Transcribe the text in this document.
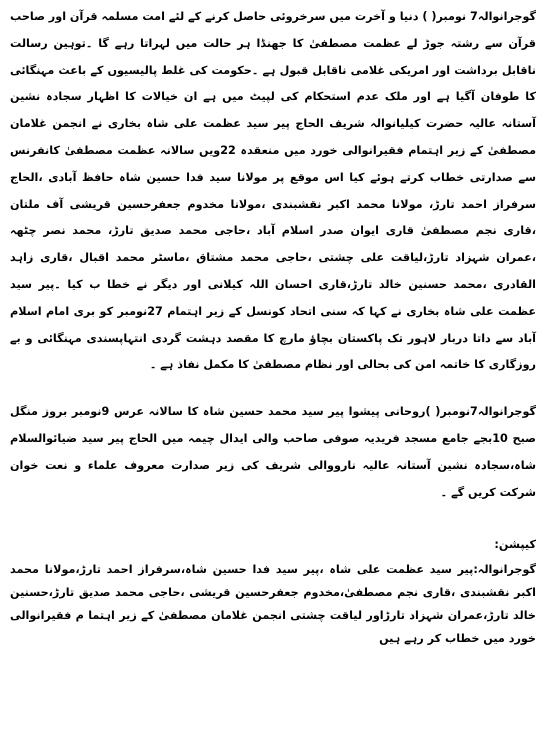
گوجرانوالہ7 نومبر( ) دنیا و آخرت میں سرخروئی حاصل کرنے کے لئے امت مسلمہ قرآن اور صاحب قرآن سے رشتہ جوڑ لے عظمت مصطفیٰ کا جھنڈا ہر حالت میں لہراتا رہے گا ۔توہین رسالت ناقابل برداشت اور امریکی غلامی ناقابل قبول ہے ۔حکومت کی غلط پالیسیوں کے باعث مہنگائی کا طوفان آگیا ہے اور ملک عدم استحکام کی لپیٹ میں ہے ان خیالات کا اظہار سجادہ نشین آستانہ عالیہ حضرت کیلیانوالہ شریف الحاج پیر سید عظمت علی شاہ بخاری نے انجمن غلامان مصطفیٰ کے زیر اہتمام فقیرانوالی خورد میں منعقدہ 22ویں سالانہ عظمت مصطفیٰ کانفرنس سے صدارتی خطاب کرتے ہوئے کیا اس موقع پر مولانا سید فدا حسین شاہ حافظ آبادی ،الحاج سرفراز احمد تارڑ، مولانا محمد اکبر نقشبندی ،مولانا مخدوم جعفرحسین قریشی آف ملتان ،قاری نجم مصطفیٰ قاری ایوان صدر اسلام آباد ،حاجی محمد صدیق تارڑ، محمد نصر چٹھہ ،عمران شہزاد تارڑ،لیاقت علی چشتی ،حاجی محمد مشتاق ،ماسٹر محمد اقبال ،قاری زاہد القادری ،محمد حسنین خالد تارڑ،قاری احسان اللہ کیلانی اور دیگر نے خطا ب کیا ۔پیر سید عظمت علی شاہ بخاری نے کہا کہ سنی اتحاد کونسل کے زیر اہتمام 27نومبر کو بری امام اسلام آباد سے داتا دربار لاہور تک پاکستان بچاؤ مارچ کا مقصد دہشت گردی انتہاپسندی مہنگائی و بے روزگاری کا خاتمہ امن کی بحالی اور نظام مصطفیٰ کا مکمل نفاذ ہے ۔

گوجرانوالہ7نومبر( )روحانی پیشوا پیر سید محمد حسین شاہ کا سالانہ عرس 9نومبر بروز منگل صبح 10بجے جامع مسجد فریدیہ صوفی صاحب والی ایدال چیمہ میں الحاج پیر سید ضیائوالسلام شاہ،سجادہ نشین آستانہ عالیہ نارووالی شریف کی زیر صدارت معروف علماء و نعت خوان شرکت کریں گے ۔

کیپشن:

گوجرانوالہ:پیر سید عظمت علی شاہ ،پیر سید فدا حسین شاہ،سرفراز احمد تارڑ،مولانا محمد اکبر نقشبندی ،قاری نجم مصطفیٰ،مخدوم جعفرحسین قریشی ،حاجی محمد صدیق تارڑ،حسنین خالد تارڑ،عمران شہزاد تارڑاور لیاقت چشتی انجمن غلامان مصطفیٰ کے زیر اہتما م فقیرانوالی خورد میں خطاب کر رہے ہیں
